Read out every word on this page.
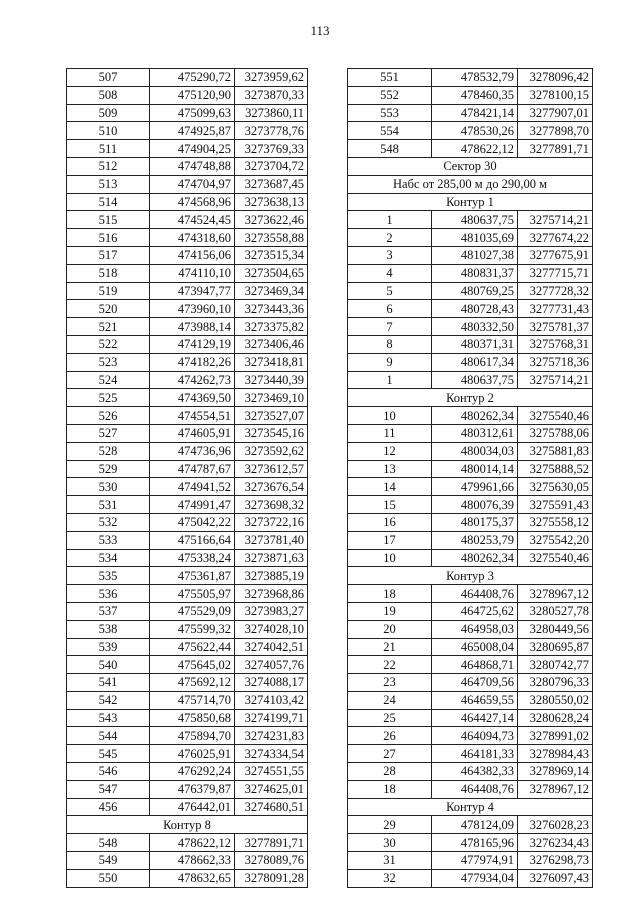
113
507	475290,72	3273959,62
508	475120,90	3273870,33
509	475099,63	3273860,11
510	474925,87	3273778,76
511	474904,25	3273769,33
512	474748,88	3273704,72
513	474704,97	3273687,45
514	474568,96	3273638,13
515	474524,45	3273622,46
516	474318,60	3273558,88
517	474156,06	3273515,34
518	474110,10	3273504,65
519	473947,77	3273469,34
520	473960,10	3273443,36
521	473988,14	3273375,82
522	474129,19	3273406,46
523	474182,26	3273418,81
524	474262,73	3273440,39
525	474369,50	3273469,10
526	474554,51	3273527,07
527	474605,91	3273545,16
528	474736,96	3273592,62
529	474787,67	3273612,57
530	474941,52	3273676,54
531	474991,47	3273698,32
532	475042,22	3273722,16
533	475166,64	3273781,40
534	475338,24	3273871,63
535	475361,87	3273885,19
536	475505,97	3273968,86
537	475529,09	3273983,27
538	475599,32	3274028,10
539	475622,44	3274042,51
540	475645,02	3274057,76
541	475692,12	3274088,17
542	475714,70	3274103,42
543	475850,68	3274199,71
544	475894,70	3274231,83
545	476025,91	3274334,54
546	476292,24	3274551,55
547	476379,87	3274625,01
456	476442,01	3274680,51
Контур 8		
548	478622,12	3277891,71
549	478662,33	3278089,76
550	478632,65	3278091,28
551	478532,79	3278096,42
552	478460,35	3278100,15
553	478421,14	3277907,01
554	478530,26	3277898,70
548	478622,12	3277891,71
Сектор 30		
Набс от 285,00 м до 290,00 м		
Контур 1		
1	480637,75	3275714,21
2	481035,69	3277674,22
3	481027,38	3277675,91
4	480831,37	3277715,71
5	480769,25	3277728,32
6	480728,43	3277731,43
7	480332,50	3275781,37
8	480371,31	3275768,31
9	480617,34	3275718,36
1	480637,75	3275714,21
Контур 2		
10	480262,34	3275540,46
11	480312,61	3275788,06
12	480034,03	3275881,83
13	480014,14	3275888,52
14	479961,66	3275630,05
15	480076,39	3275591,43
16	480175,37	3275558,12
17	480253,79	3275542,20
10	480262,34	3275540,46
Контур 3		
18	464408,76	3278967,12
19	464725,62	3280527,78
20	464958,03	3280449,56
21	465008,04	3280695,87
22	464868,71	3280742,77
23	464709,56	3280796,33
24	464659,55	3280550,02
25	464427,14	3280628,24
26	464094,73	3278991,02
27	464181,33	3278984,43
28	464382,33	3278969,14
18	464408,76	3278967,12
Контур 4		
29	478124,09	3276028,23
30	478165,96	3276234,43
31	477974,91	3276298,73
32	477934,04	3276097,43
